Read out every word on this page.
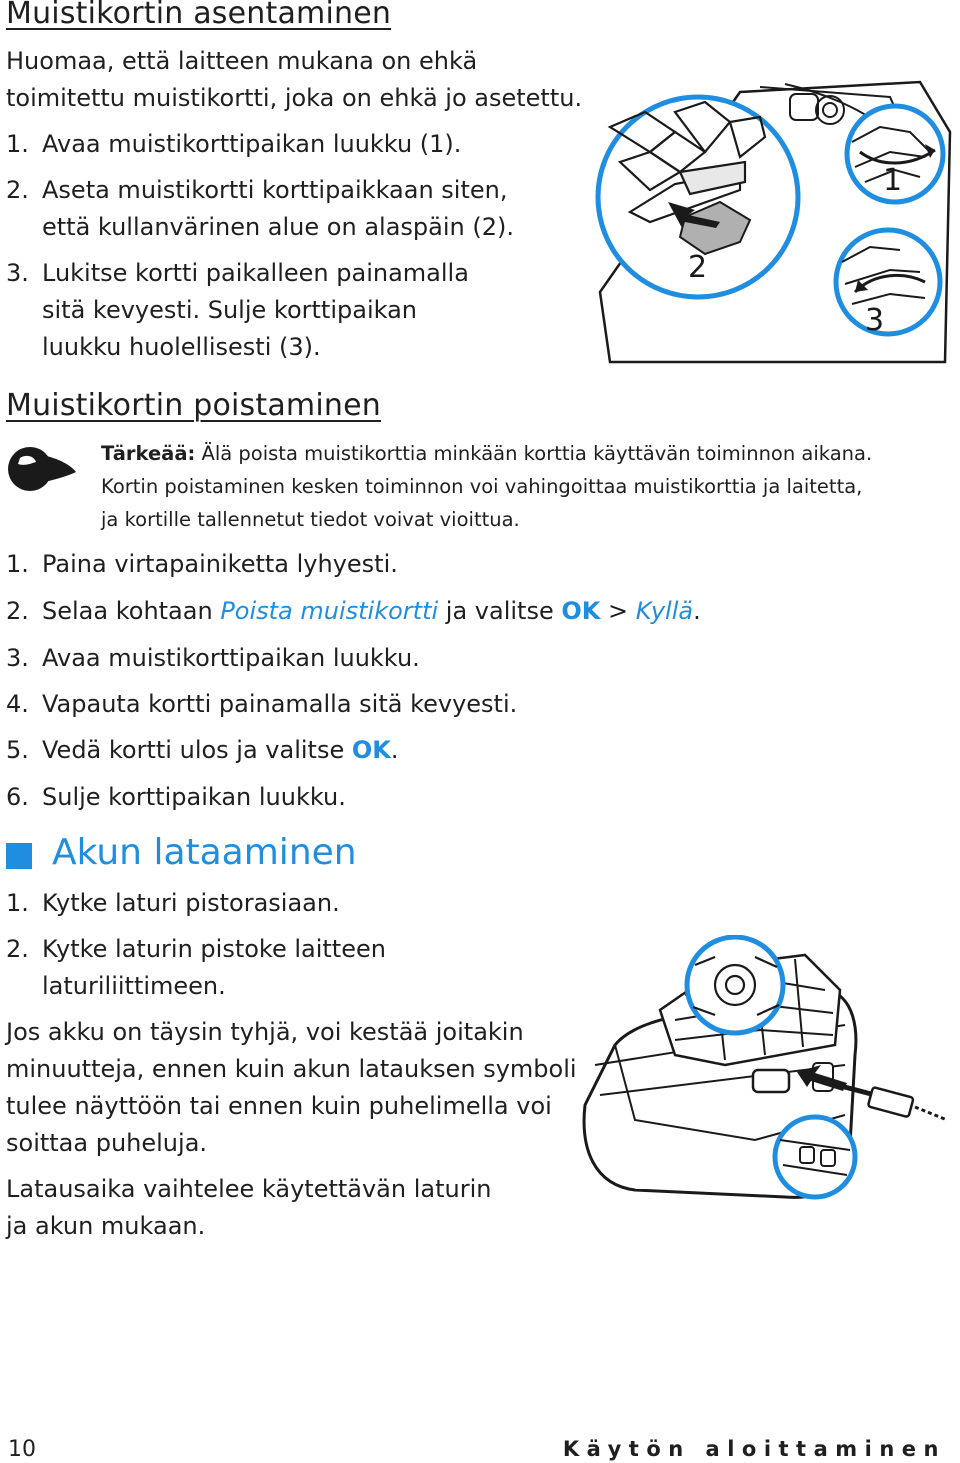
Muistikortin asentaminen
Huomaa, että laitteen mukana on ehkä
toimitettu muistikortti, joka on ehkä jo asetettu.
1. Avaa muistikorttipaikan luukku (1).
2. Aseta muistikortti korttipaikkaan siten,
että kullanvärinen alue on alaspäin (2).
3. Lukitse kortti paikalleen painamalla
sitä kevyesti. Sulje korttipaikan
luukku huolellisesti (3).
2
1
3
Muistikortin poistaminen
Tärkeää: Älä poista muistikorttia minkään korttia käyttävän toiminnon aikana.
Kortin poistaminen kesken toiminnon voi vahingoittaa muistikorttia ja laitetta,
ja kortille tallennetut tiedot voivat vioittua.
1. Paina virtapainiketta lyhyesti.
2. Selaa kohtaan Poista muistikortti ja valitse OK > Kyllä.
3. Avaa muistikorttipaikan luukku.
4. Vapauta kortti painamalla sitä kevyesti.
5. Vedä kortti ulos ja valitse OK.
6. Sulje korttipaikan luukku.
Akun lataaminen
1. Kytke laturi pistorasiaan.
2. Kytke laturin pistoke laitteen
laturiliittimeen.
Jos akku on täysin tyhjä, voi kestää joitakin
minuutteja, ennen kuin akun latauksen symboli
tulee näyttöön tai ennen kuin puhelimella voi
soittaa puheluja.
Latausaika vaihtelee käytettävän laturin
ja akun mukaan.
10	Käytön aloittaminen
